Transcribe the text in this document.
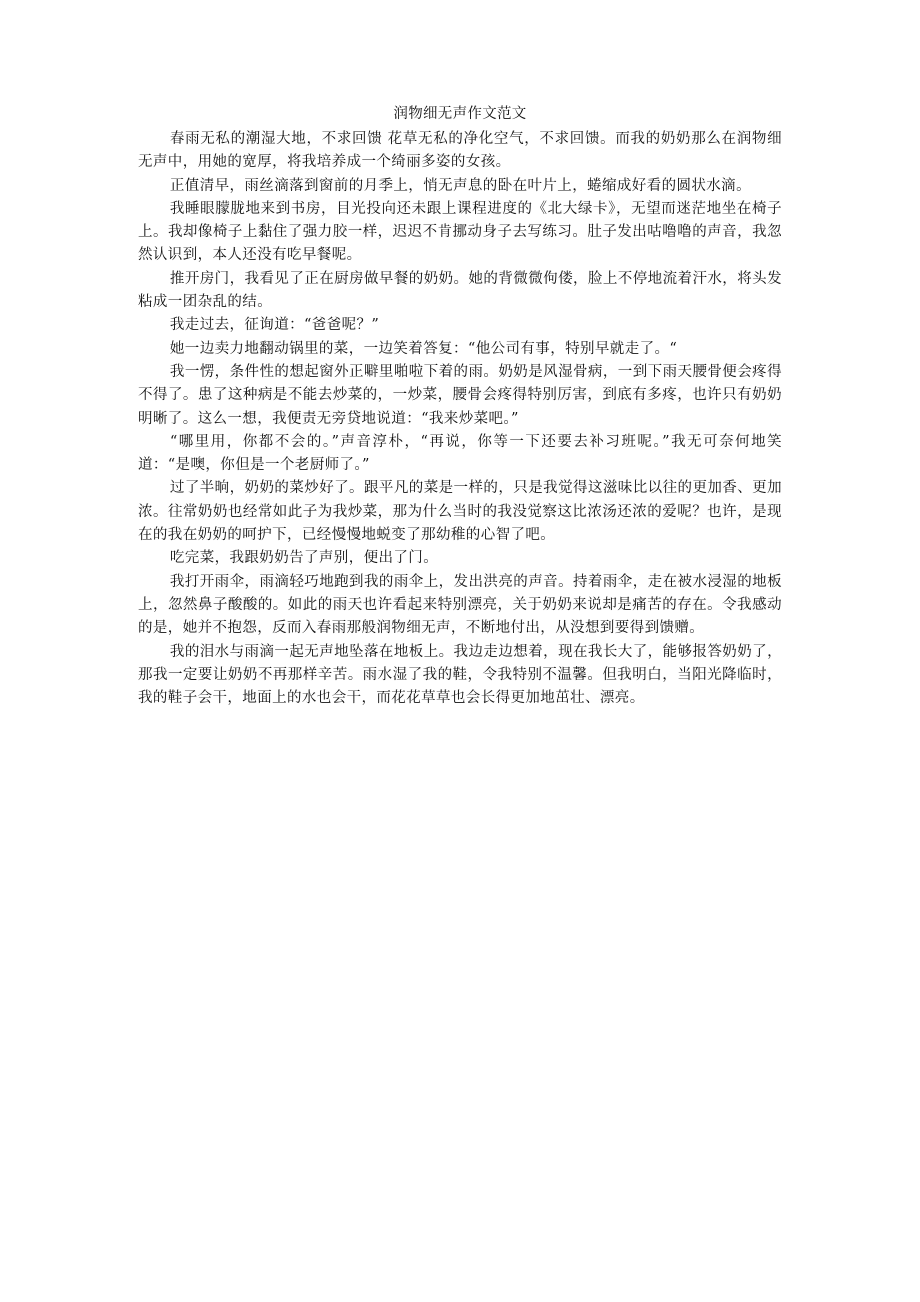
润物细无声作文范文

春雨无私的潮湿大地，不求回馈 花草无私的净化空气，不求回馈。而我的奶奶那么在润物细无声中，用她的宽厚，将我培养成一个绮丽多姿的女孩。

正值清早，雨丝滴落到窗前的月季上，悄无声息的卧在叶片上，蜷缩成好看的圆状水滴。

我睡眼朦胧地来到书房，目光投向还未跟上课程进度的《北大绿卡》，无望而迷茫地坐在椅子上。我却像椅子上黏住了强力胶一样，迟迟不肯挪动身子去写练习。肚子发出咕噜噜的声音，我忽然认识到，本人还没有吃早餐呢。

推开房门，我看见了正在厨房做早餐的奶奶。她的背微微佝偻，脸上不停地流着汗水，将头发粘成一团杂乱的结。

我走过去，征询道：“爸爸呢？”

她一边卖力地翻动锅里的菜，一边笑着答复：“他公司有事，特别早就走了。“

我一愣，条件性的想起窗外正噼里啪啦下着的雨。奶奶是风湿骨病，一到下雨天腰骨便会疼得不得了。患了这种病是不能去炒菜的，一炒菜，腰骨会疼得特别厉害，到底有多疼，也许只有奶奶明晰了。这么一想，我便责无旁贷地说道：“我来炒菜吧。”

“哪里用，你都不会的。”声音淳朴，“再说，你等一下还要去补习班呢。”我无可奈何地笑道：“是噢，你但是一个老厨师了。”

过了半晌，奶奶的菜炒好了。跟平凡的菜是一样的，只是我觉得这滋味比以往的更加香、更加浓。往常奶奶也经常如此子为我炒菜，那为什么当时的我没觉察这比浓汤还浓的爱呢？也许，是现在的我在奶奶的呵护下，已经慢慢地蜕变了那幼稚的心智了吧。

吃完菜，我跟奶奶告了声别，便出了门。

我打开雨伞，雨滴轻巧地跑到我的雨伞上，发出洪亮的声音。持着雨伞，走在被水浸湿的地板上，忽然鼻子酸酸的。如此的雨天也许看起来特别漂亮，关于奶奶来说却是痛苦的存在。令我感动的是，她并不抱怨，反而入春雨那般润物细无声，不断地付出，从没想到要得到馈赠。

我的泪水与雨滴一起无声地坠落在地板上。我边走边想着，现在我长大了，能够报答奶奶了，那我一定要让奶奶不再那样辛苦。雨水湿了我的鞋，令我特别不温馨。但我明白，当阳光降临时，我的鞋子会干，地面上的水也会干，而花花草草也会长得更加地茁壮、漂亮。
